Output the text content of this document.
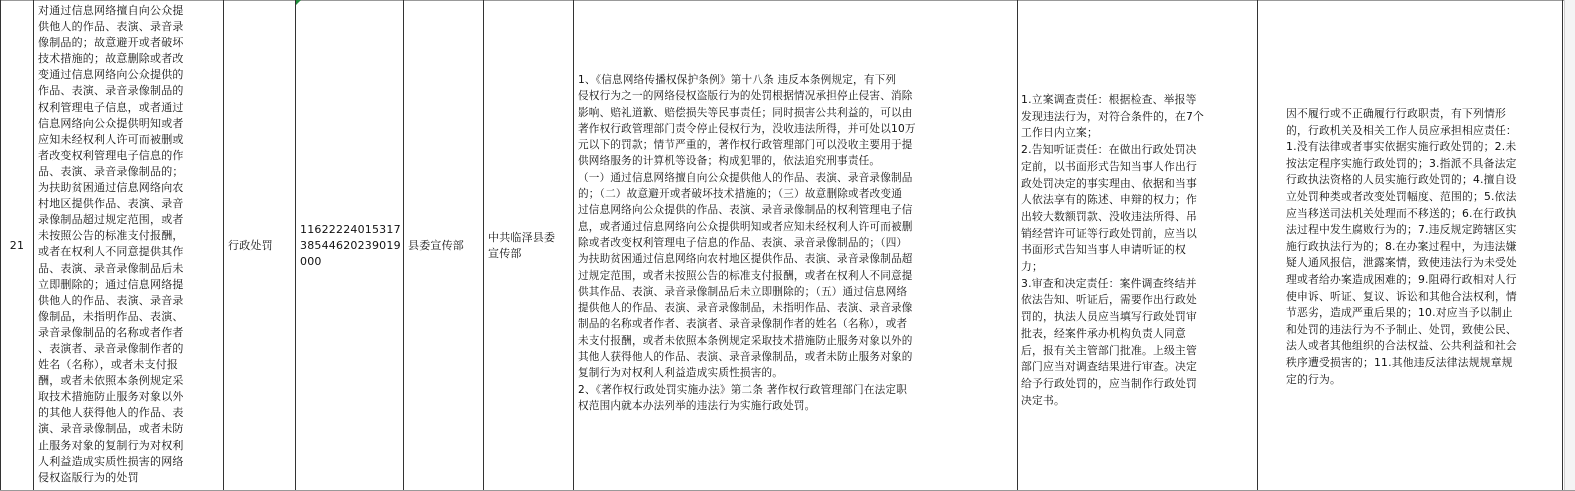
21
对通过信息网络擅自向公众提
供他人的作品、表演、录音录
像制品的；故意避开或者破坏
技术措施的；故意删除或者改
变通过信息网络向公众提供的
作品、表演、录音录像制品的
权利管理电子信息，或者通过
信息网络向公众提供明知或者
应知未经权利人许可而被删或
者改变权利管理电子信息的作
品、表演、录音录像制品的；
为扶助贫困通过信息网络向农
村地区提供作品、表演、录音
录像制品超过规定范围，或者
未按照公告的标准支付报酬，
或者在权利人不同意提供其作
品、表演、录音录像制品后未
立即删除的；通过信息网络提
供他人的作品、表演、录音录
像制品，未指明作品、表演、
录音录像制品的名称或者作者
、表演者、录音录像制作者的
姓名（名称），或者未支付报
酬，或者未依照本条例规定采
取技术措施防止服务对象以外
的其他人获得他人的作品、表
演、录音录像制品，或者未防
止服务对象的复制行为对权利
人利益造成实质性损害的网络
侵权盗版行为的处罚
行政处罚
11622224015317
38544620239019
000
县委宣传部
中共临泽县委
宣传部
1、《信息网络传播权保护条例》第十八条 违反本条例规定，有下列
侵权行为之一的网络侵权盗版行为的处罚根据情况承担停止侵害、消除
影响、赔礼道歉、赔偿损失等民事责任；同时损害公共利益的，可以由
著作权行政管理部门责令停止侵权行为，没收违法所得，并可处以10万
元以下的罚款；情节严重的，著作权行政管理部门可以没收主要用于提
供网络服务的计算机等设备；构成犯罪的，依法追究刑事责任。
（一）通过信息网络擅自向公众提供他人的作品、表演、录音录像制品
的；（二）故意避开或者破坏技术措施的；（三）故意删除或者改变通
过信息网络向公众提供的作品、表演、录音录像制品的权利管理电子信
息，或者通过信息网络向公众提供明知或者应知未经权利人许可而被删
除或者改变权利管理电子信息的作品、表演、录音录像制品的；（四）
为扶助贫困通过信息网络向农村地区提供作品、表演、录音录像制品超
过规定范围，或者未按照公告的标准支付报酬，或者在权利人不同意提
供其作品、表演、录音录像制品后未立即删除的；（五）通过信息网络
提供他人的作品、表演、录音录像制品，未指明作品、表演、录音录像
制品的名称或者作者、表演者、录音录像制作者的姓名（名称），或者
未支付报酬，或者未依照本条例规定采取技术措施防止服务对象以外的
其他人获得他人的作品、表演、录音录像制品，或者未防止服务对象的
复制行为对权利人利益造成实质性损害的。
2、《著作权行政处罚实施办法》第二条 著作权行政管理部门在法定职
权范围内就本办法列举的违法行为实施行政处罚。
1.立案调查责任：根据检查、举报等
发现违法行为，对符合条件的，在7个
工作日内立案；
2.告知听证责任：在做出行政处罚决
定前，以书面形式告知当事人作出行
政处罚决定的事实理由、依据和当事
人依法享有的陈述、申辩的权力；作
出较大数额罚款、没收违法所得、吊
销经营许可证等行政处罚前，应当以
书面形式告知当事人申请听证的权
力；
3.审查和决定责任：案件调查终结并
依法告知、听证后，需要作出行政处
罚的，执法人员应当填写行政处罚审
批表，经案件承办机构负责人同意
后，报有关主管部门批准。上级主管
部门应当对调查结果进行审查。决定
给予行政处罚的，应当制作行政处罚
决定书。
因不履行或不正确履行行政职责，有下列情形
的，行政机关及相关工作人员应承担相应责任：
1.没有法律或者事实依据实施行政处罚的；2.未
按法定程序实施行政处罚的；3.指派不具备法定
行政执法资格的人员实施行政处罚的；4.擅自设
立处罚种类或者改变处罚幅度、范围的；5.依法
应当移送司法机关处理而不移送的；6.在行政执
法过程中发生腐败行为的；7.违反规定跨辖区实
施行政执法行为的；8.在办案过程中，为违法嫌
疑人通风报信，泄露案情，致使违法行为未受处
理或者给办案造成困难的；9.阻碍行政相对人行
使申诉、听证、复议、诉讼和其他合法权利，情
节恶劣，造成严重后果的；10.对应当予以制止
和处罚的违法行为不予制止、处罚，致使公民、
法人或者其他组织的合法权益、公共利益和社会
秩序遭受损害的；11.其他违反法律法规规章规
定的行为。
